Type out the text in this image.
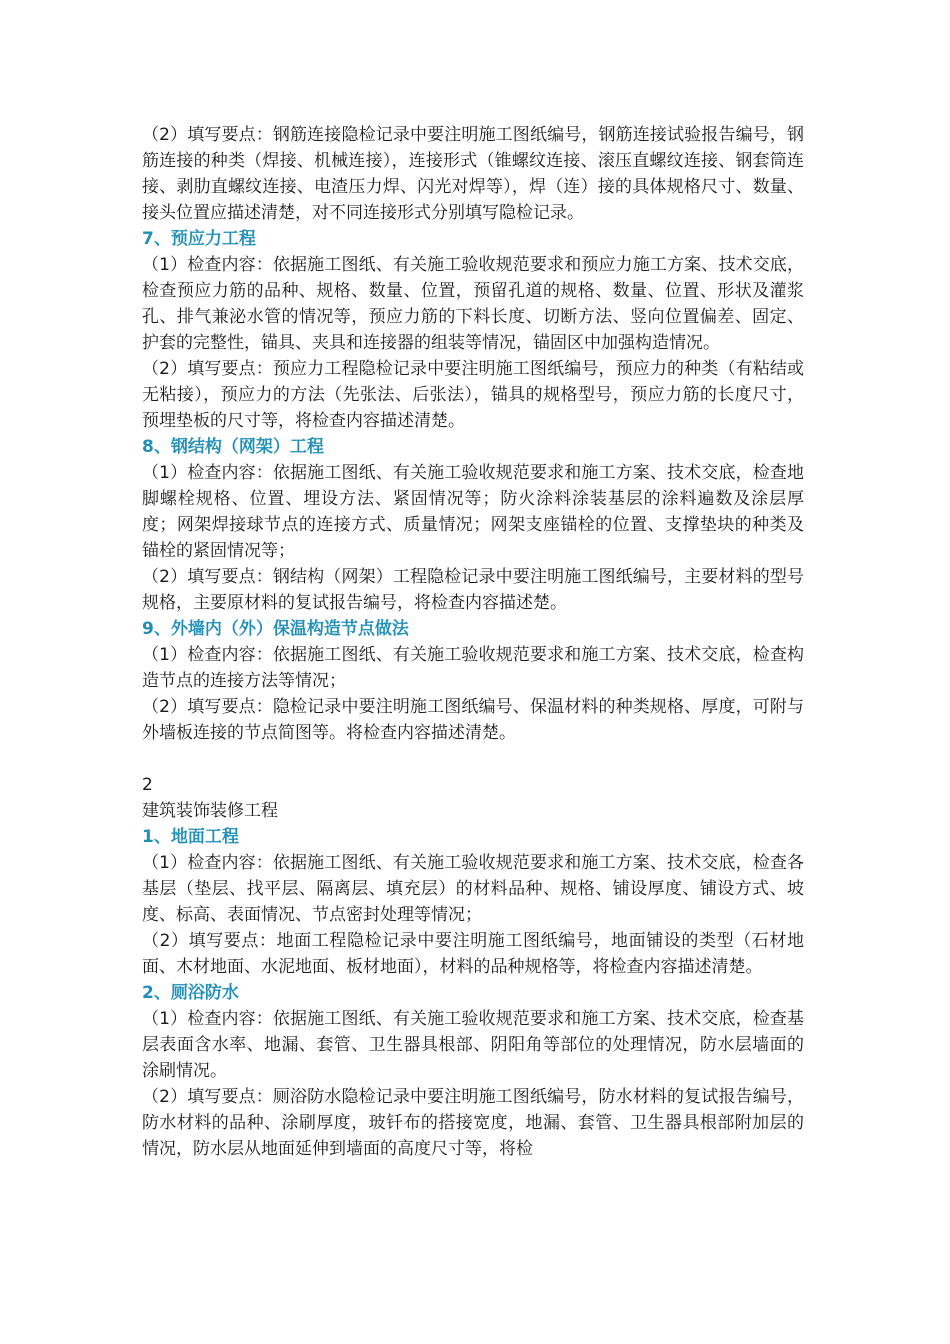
（2）填写要点：钢筋连接隐检记录中要注明施工图纸编号，钢筋连接试验报告编号，钢筋连接的种类（焊接、机械连接），连接形式（锥螺纹连接、滚压直螺纹连接、钢套筒连接、剥肋直螺纹连接、电渣压力焊、闪光对焊等），焊（连）接的具体规格尺寸、数量、接头位置应描述清楚，对不同连接形式分别填写隐检记录。

7、预应力工程

（1）检查内容：依据施工图纸、有关施工验收规范要求和预应力施工方案、技术交底，检查预应力筋的品种、规格、数量、位置，预留孔道的规格、数量、位置、形状及灌浆孔、排气兼泌水管的情况等，预应力筋的下料长度、切断方法、竖向位置偏差、固定、护套的完整性，锚具、夹具和连接器的组装等情况，锚固区中加强构造情况。

（2）填写要点：预应力工程隐检记录中要注明施工图纸编号，预应力的种类（有粘结或无粘接），预应力的方法（先张法、后张法），锚具的规格型号，预应力筋的长度尺寸，预埋垫板的尺寸等，将检查内容描述清楚。

8、钢结构（网架）工程

（1）检查内容：依据施工图纸、有关施工验收规范要求和施工方案、技术交底，检查地脚螺栓规格、位置、埋设方法、紧固情况等；防火涂料涂装基层的涂料遍数及涂层厚度；网架焊接球节点的连接方式、质量情况；网架支座锚栓的位置、支撑垫块的种类及锚栓的紧固情况等；

（2）填写要点：钢结构（网架）工程隐检记录中要注明施工图纸编号，主要材料的型号规格，主要原材料的复试报告编号，将检查内容描述楚。

9、外墙内（外）保温构造节点做法

（1）检查内容：依据施工图纸、有关施工验收规范要求和施工方案、技术交底，检查构造节点的连接方法等情况；

（2）填写要点：隐检记录中要注明施工图纸编号、保温材料的种类规格、厚度，可附与外墙板连接的节点简图等。将检查内容描述清楚。

2

建筑装饰装修工程

1、地面工程

（1）检查内容：依据施工图纸、有关施工验收规范要求和施工方案、技术交底，检查各基层（垫层、找平层、隔离层、填充层）的材料品种、规格、铺设厚度、铺设方式、坡度、标高、表面情况、节点密封处理等情况；

（2）填写要点：地面工程隐检记录中要注明施工图纸编号，地面铺设的类型（石材地面、木材地面、水泥地面、板材地面），材料的品种规格等，将检查内容描述清楚。

2、厕浴防水

（1）检查内容：依据施工图纸、有关施工验收规范要求和施工方案、技术交底，检查基层表面含水率、地漏、套管、卫生器具根部、阴阳角等部位的处理情况，防水层墙面的涂刷情况。

（2）填写要点：厕浴防水隐检记录中要注明施工图纸编号，防水材料的复试报告编号，防水材料的品种、涂刷厚度，玻钎布的搭接宽度，地漏、套管、卫生器具根部附加层的情况，防水层从地面延伸到墙面的高度尺寸等，将检
